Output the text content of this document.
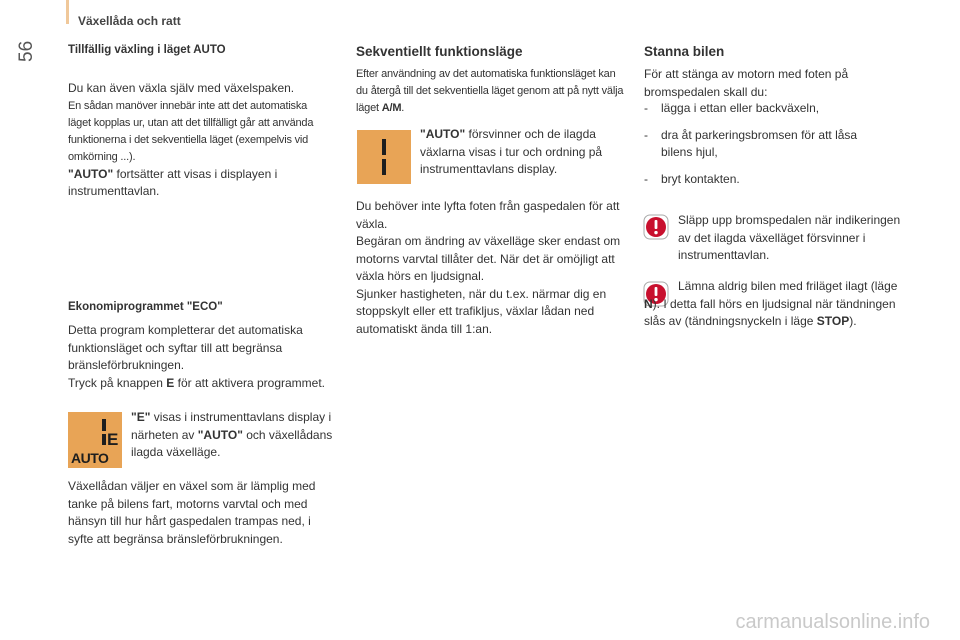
Växellåda och ratt
56	Tillfällig växling i läget AUTO

Du kan även växla själv med växelspaken.

En sådan manöver innebär inte att det automatiska läget kopplas ur, utan att det tillfälligt går att använda funktionerna i det sekventiella läget (exempelvis vid omkörning ...).

"AUTO" fortsätter att visas i displayen i instrumenttavlan.

Ekonomiprogrammet "ECO"

Detta program kompletterar det automatiska funktionsläget och syftar till att begränsa bränsleförbrukningen.

Tryck på knappen E för att aktivera programmet.

E
AUTO
"E" visas i instrumenttavlans display i närheten av "AUTO" och växellådans ilagda växelläge.
Växellådan väljer en växel som är lämplig med tanke på bilens fart, motorns varvtal och med hänsyn till hur hårt gaspedalen trampas ned, i syfte att begränsa bränsleförbrukningen.
Sekventiellt funktionsläge
Efter användning av det automatiska funktionsläget kan du återgå till det sekventiella läget genom att på nytt välja läget A/M.
"AUTO" försvinner och de ilagda växlarna visas i tur och ordning på instrumenttavlans display.

Du behöver inte lyfta foten från gaspedalen för att växla.

Begäran om ändring av växelläge sker endast om motorns varvtal tillåter det. När det är omöjligt att växla hörs en ljudsignal.

Sjunker hastigheten, när du t.ex. närmar dig en stoppskylt eller ett trafikljus, växlar lådan ned automatiskt ända till 1:an.

Stanna bilen
För att stänga av motorn med foten på bromspedalen skall du:
-	lägga i ettan eller backväxeln,
-	dra åt parkeringsbromsen för att låsa bilens hjul,
-	bryt kontakten.
Släpp upp bromspedalen när indikeringen av det ilagda växelläget försvinner i instrumenttavlan.
Lämna aldrig bilen med friläget ilagt (läge N). I detta fall hörs en ljudsignal när tändningen slås av (tändningsnyckeln i läge STOP).
carmanualsonline.info
